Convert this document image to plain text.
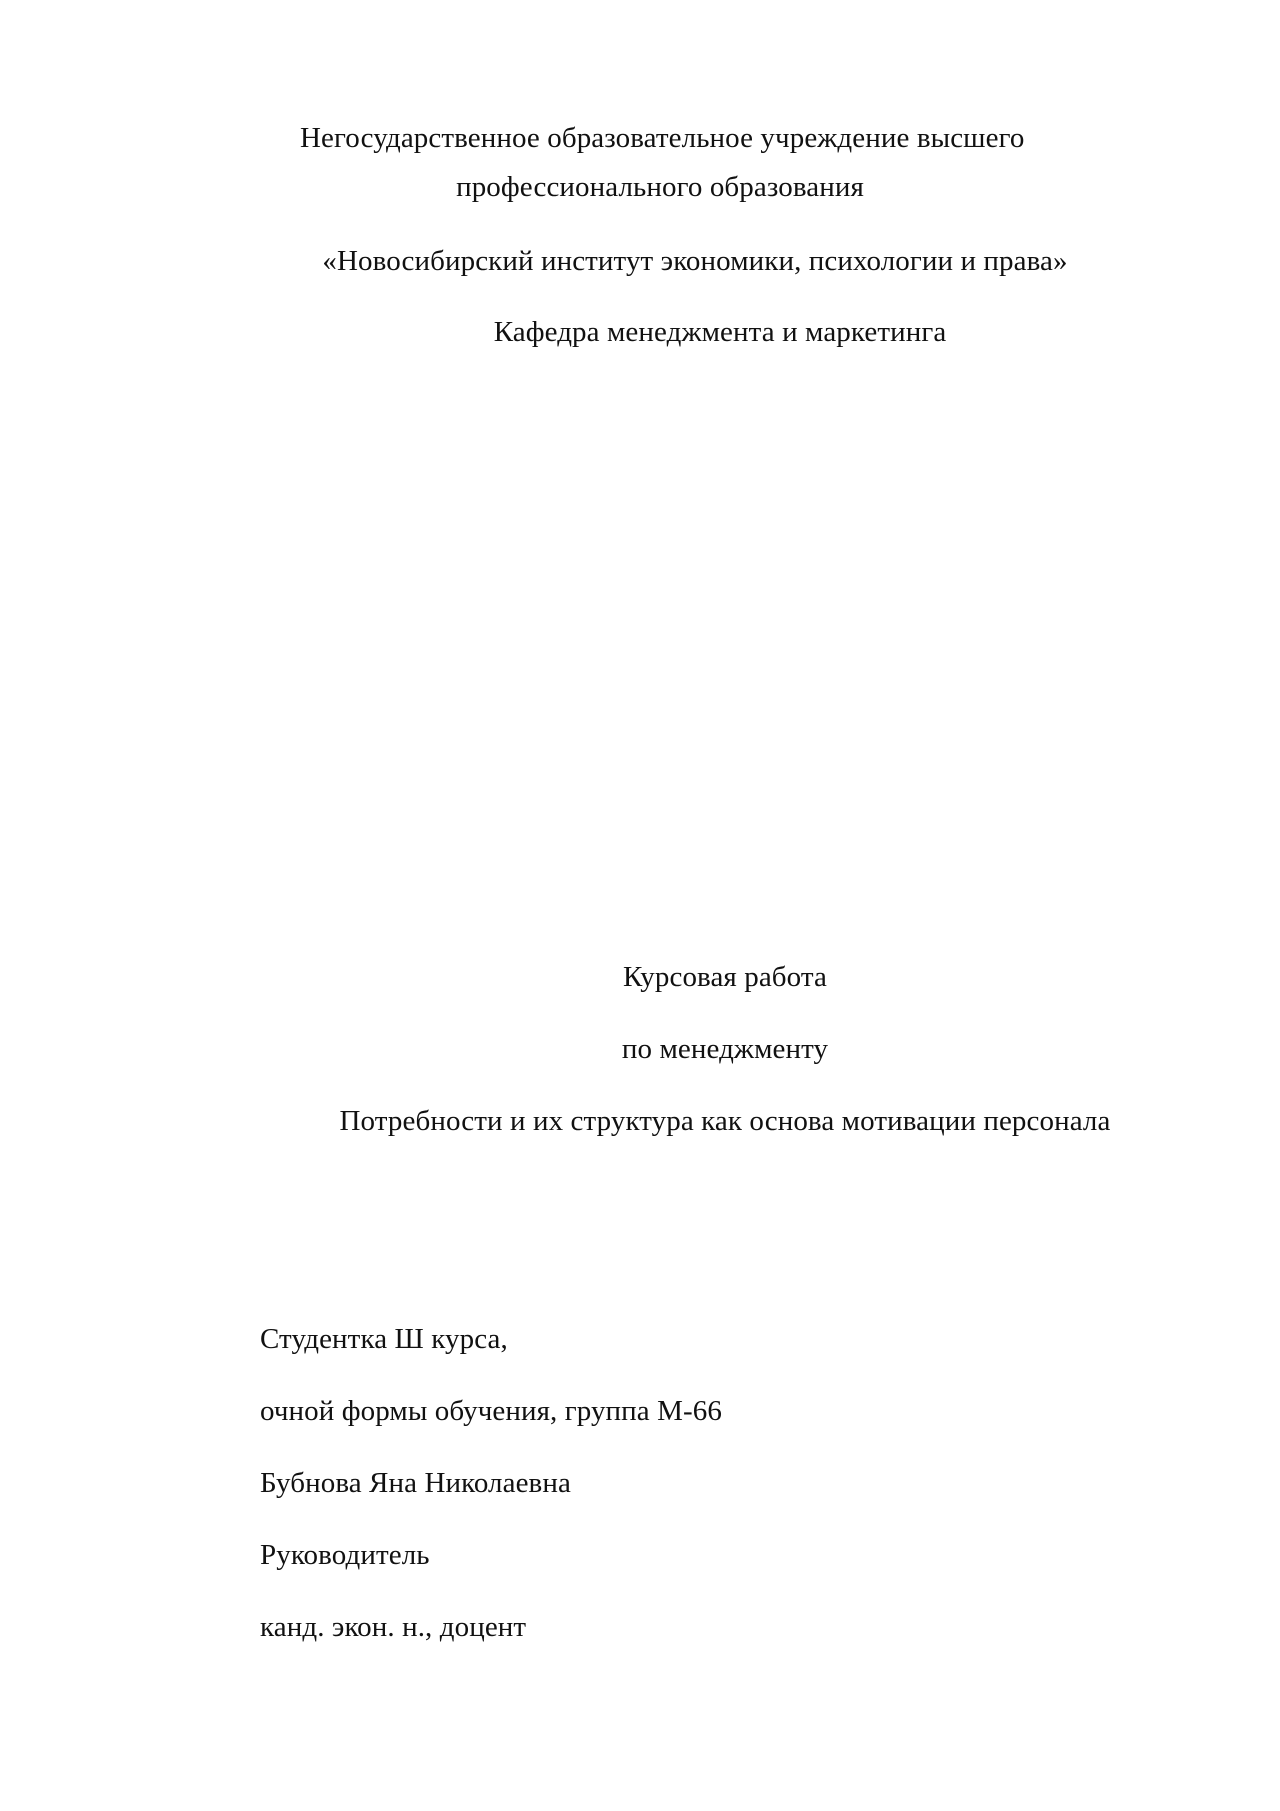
Негосударственное образовательное учреждение высшего
профессионального образования
«Новосибирский институт экономики, психологии и права»
Кафедра менеджмента и маркетинга
Курсовая работа
по менеджменту
Потребности и их структура как основа мотивации персонала
Студентка Ш курса,
очной формы обучения, группа М-66
Бубнова Яна Николаевна
Руководитель
канд. экон. н., доцент
